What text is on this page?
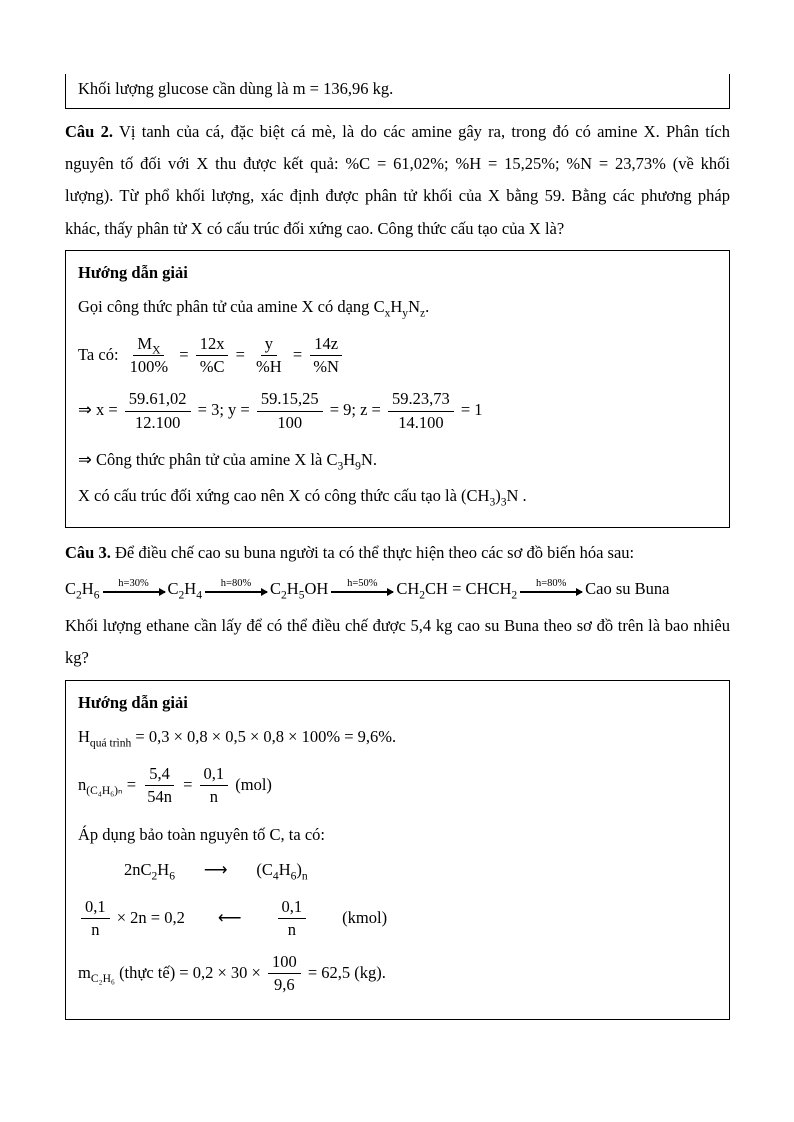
Khối lượng glucose cần dùng là m = 136,96 kg.

Câu 2. Vị tanh của cá, đặc biệt cá mè, là do các amine gây ra, trong đó có amine X. Phân tích nguyên tố đối với X thu được kết quả: %C = 61,02%; %H = 15,25%; %N = 23,73% (về khối lượng). Từ phổ khối lượng, xác định được phân tử khối của X bằng 59. Bằng các phương pháp khác, thấy phân tử X có cấu trúc đối xứng cao. Công thức cấu tạo của X là?

Hướng dẫn giải
Gọi công thức phân tử của amine X có dạng $C_xH_yN_z$.
Ta có: $\frac{M_X}{100\%} = \frac{12x}{\%C} = \frac{y}{\%H} = \frac{14z}{\%N}$
⇒ $x = \frac{59.61,02}{12.100} = 3$; $y = \frac{59.15,25}{100} = 9$; $z = \frac{59.23,73}{14.100} = 1$
⇒ Công thức phân tử của amine X là $C_3H_9N$.
X có cấu trúc đối xứng cao nên X có công thức cấu tạo là $(CH_3)_3N$ .

Câu 3. Để điều chế cao su buna người ta có thể thực hiện theo các sơ đồ biến hóa sau:

$C_2H_6$
h=30% $C_2H_4$
h=80% $C_2H_5OH$ h=50% $CH_2CH$ = $CHCH_2$
h=80% Cao su Buna

Khối lượng ethane cần lấy để có thể điều chế được 5,4 kg cao su Buna theo sơ đồ trên là bao nhiêu kg?

Hướng dẫn giải
$H_{quá trình} = 0,3 \times 0,8 \times 0,5 \times 0,8 \times 100\% = 9,6\%$.
$n_{(C_4H_6)_n} = \frac{5,4}{54n} = \frac{0,1}{n} (mol)$
Áp dụng bảo toàn nguyên tố C, ta có:
$2nC_2H_6$       ⟶       $(C_4H_6)_n$
$\frac{0,1}{n} \times 2n = 0,2$        ⟵ $\frac{0,1}{n}$ (kmol)
$m_{C_2H_6}$ (thực tế) = $0,2 \times 30 \times \frac{100}{9,6} = 62,5$ (kg).
